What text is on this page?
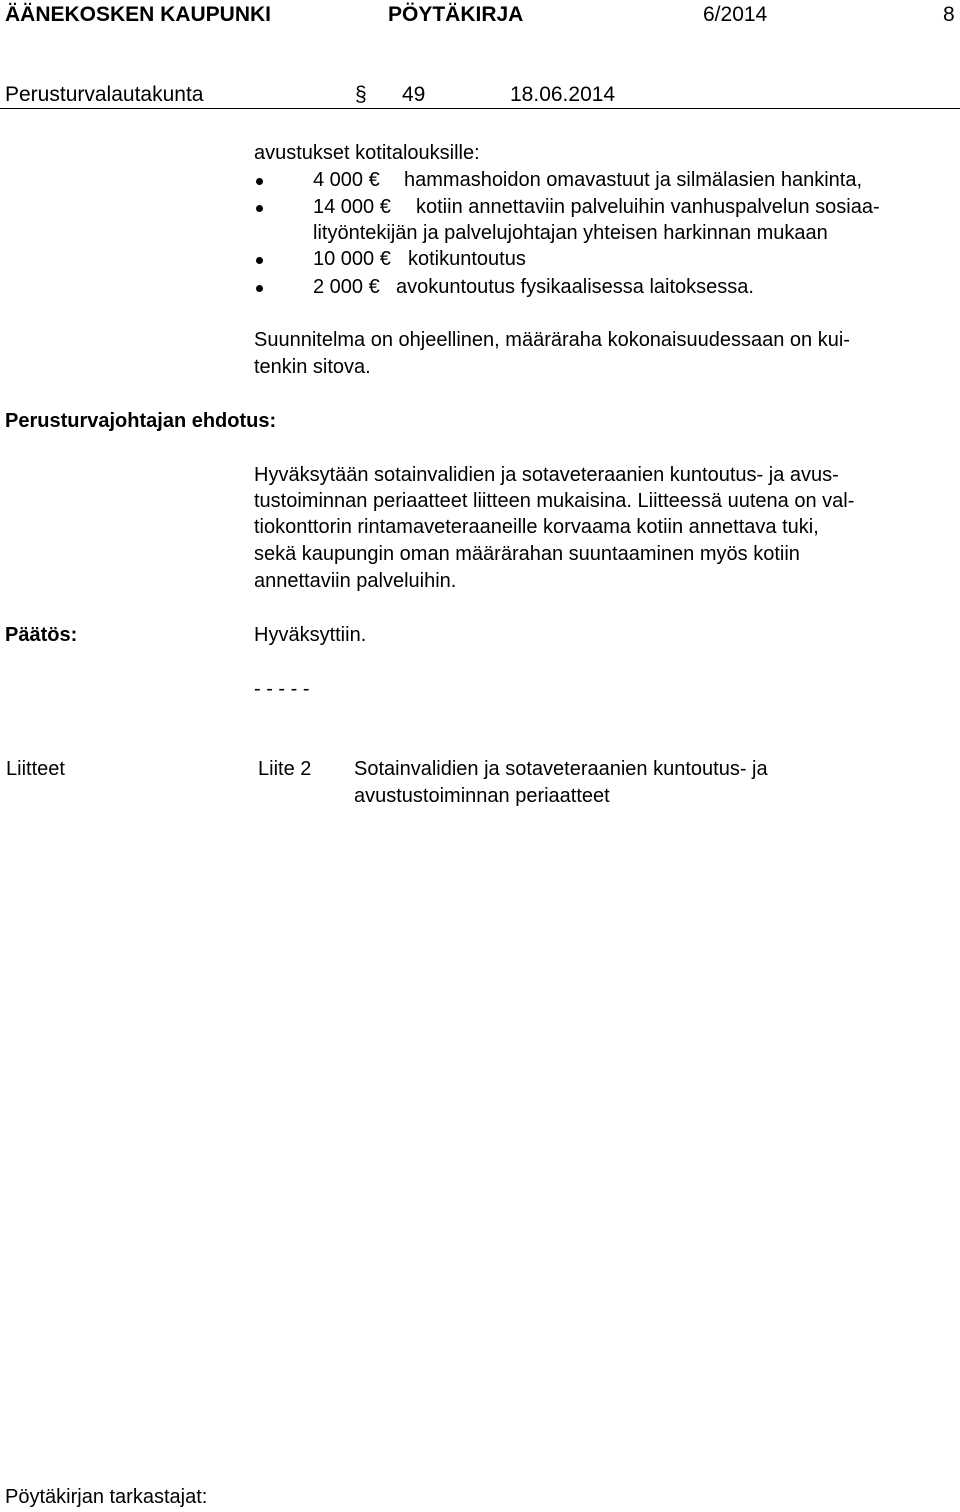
ÄÄNEKOSKEN KAUPUNKI	PÖYTÄKIRJA	6/2014	8
Perusturvalautakunta	§ 49	18.06.2014
avustukset kotitalouksille:
4 000 € hammashoidon omavastuut ja silmälasien hankinta,
14 000 € kotiin annettaviin palveluihin vanhuspalvelun sosiaa-
lityöntekijän ja palvelujohtajan yhteisen harkinnan mukaan
10 000 € kotikuntoutus
2 000 € avokuntoutus fysikaalisessa laitoksessa.
Suunnitelma on ohjeellinen, määräraha kokonaisuudessaan on kui-
tenkin sitova.
Perusturvajohtajan ehdotus:
Hyväksytään sotainvalidien ja sotaveteraanien kuntoutus- ja avus-
tustoiminnan periaatteet liitteen mukaisina. Liitteessä uutena on val-
tiokonttorin rintamaveteraaneille korvaama kotiin annettava tuki,
sekä kaupungin oman määrärahan suuntaaminen myös kotiin
annettaviin palveluihin.
Päätös:	Hyväksyttiin.
- - - - -
Liitteet	Liite 2 Sotainvalidien ja sotaveteraanien kuntoutus- ja
avustustoiminnan periaatteet
Pöytäkirjan tarkastajat:
